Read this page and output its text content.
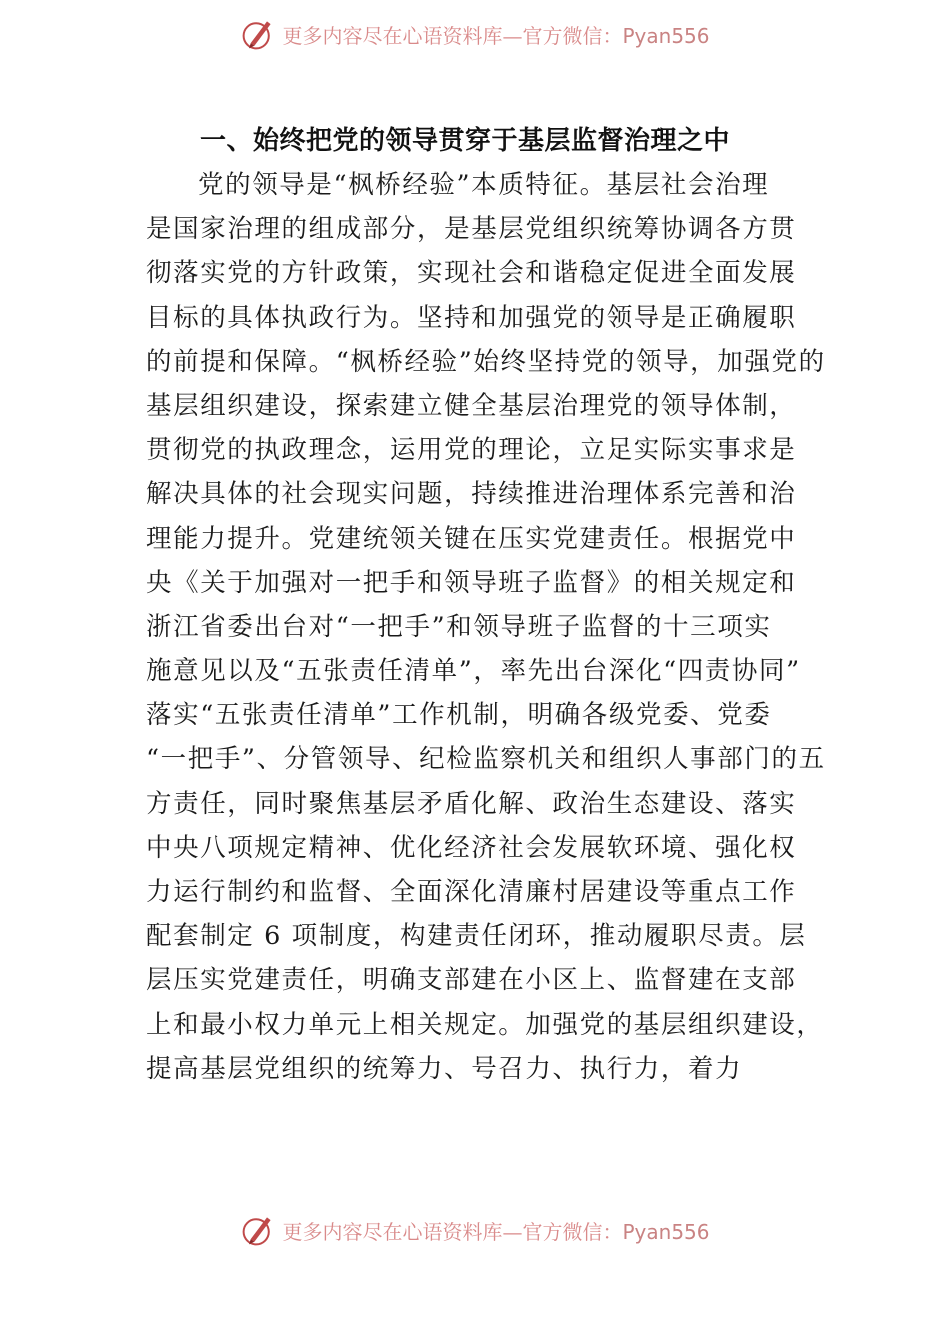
更多内容尽在心语资料库—官方微信：Pyan556
一、始终把党的领导贯穿于基层监督治理之中
党的领导是“枫桥经验”本质特征。基层社会治理
是国家治理的组成部分，是基层党组织统筹协调各方贯
彻落实党的方针政策，实现社会和谐稳定促进全面发展
目标的具体执政行为。坚持和加强党的领导是正确履职
的前提和保障。“枫桥经验”始终坚持党的领导，加强党的
基层组织建设，探索建立健全基层治理党的领导体制，
贯彻党的执政理念，运用党的理论，立足实际实事求是
解决具体的社会现实问题，持续推进治理体系完善和治
理能力提升。党建统领关键在压实党建责任。根据党中
央《关于加强对一把手和领导班子监督》的相关规定和
浙江省委出台对“一把手”和领导班子监督的十三项实
施意见以及“五张责任清单”，率先出台深化“四责协同”
落实“五张责任清单”工作机制，明确各级党委、党委
“一把手”、分管领导、纪检监察机关和组织人事部门的五
方责任，同时聚焦基层矛盾化解、政治生态建设、落实
中央八项规定精神、优化经济社会发展软环境、强化权
力运行制约和监督、全面深化清廉村居建设等重点工作
配套制定 6 项制度，构建责任闭环，推动履职尽责。层
层压实党建责任，明确支部建在小区上、监督建在支部
上和最小权力单元上相关规定。加强党的基层组织建设，
提高基层党组织的统筹力、号召力、执行力，着力
更多内容尽在心语资料库—官方微信：Pyan556
